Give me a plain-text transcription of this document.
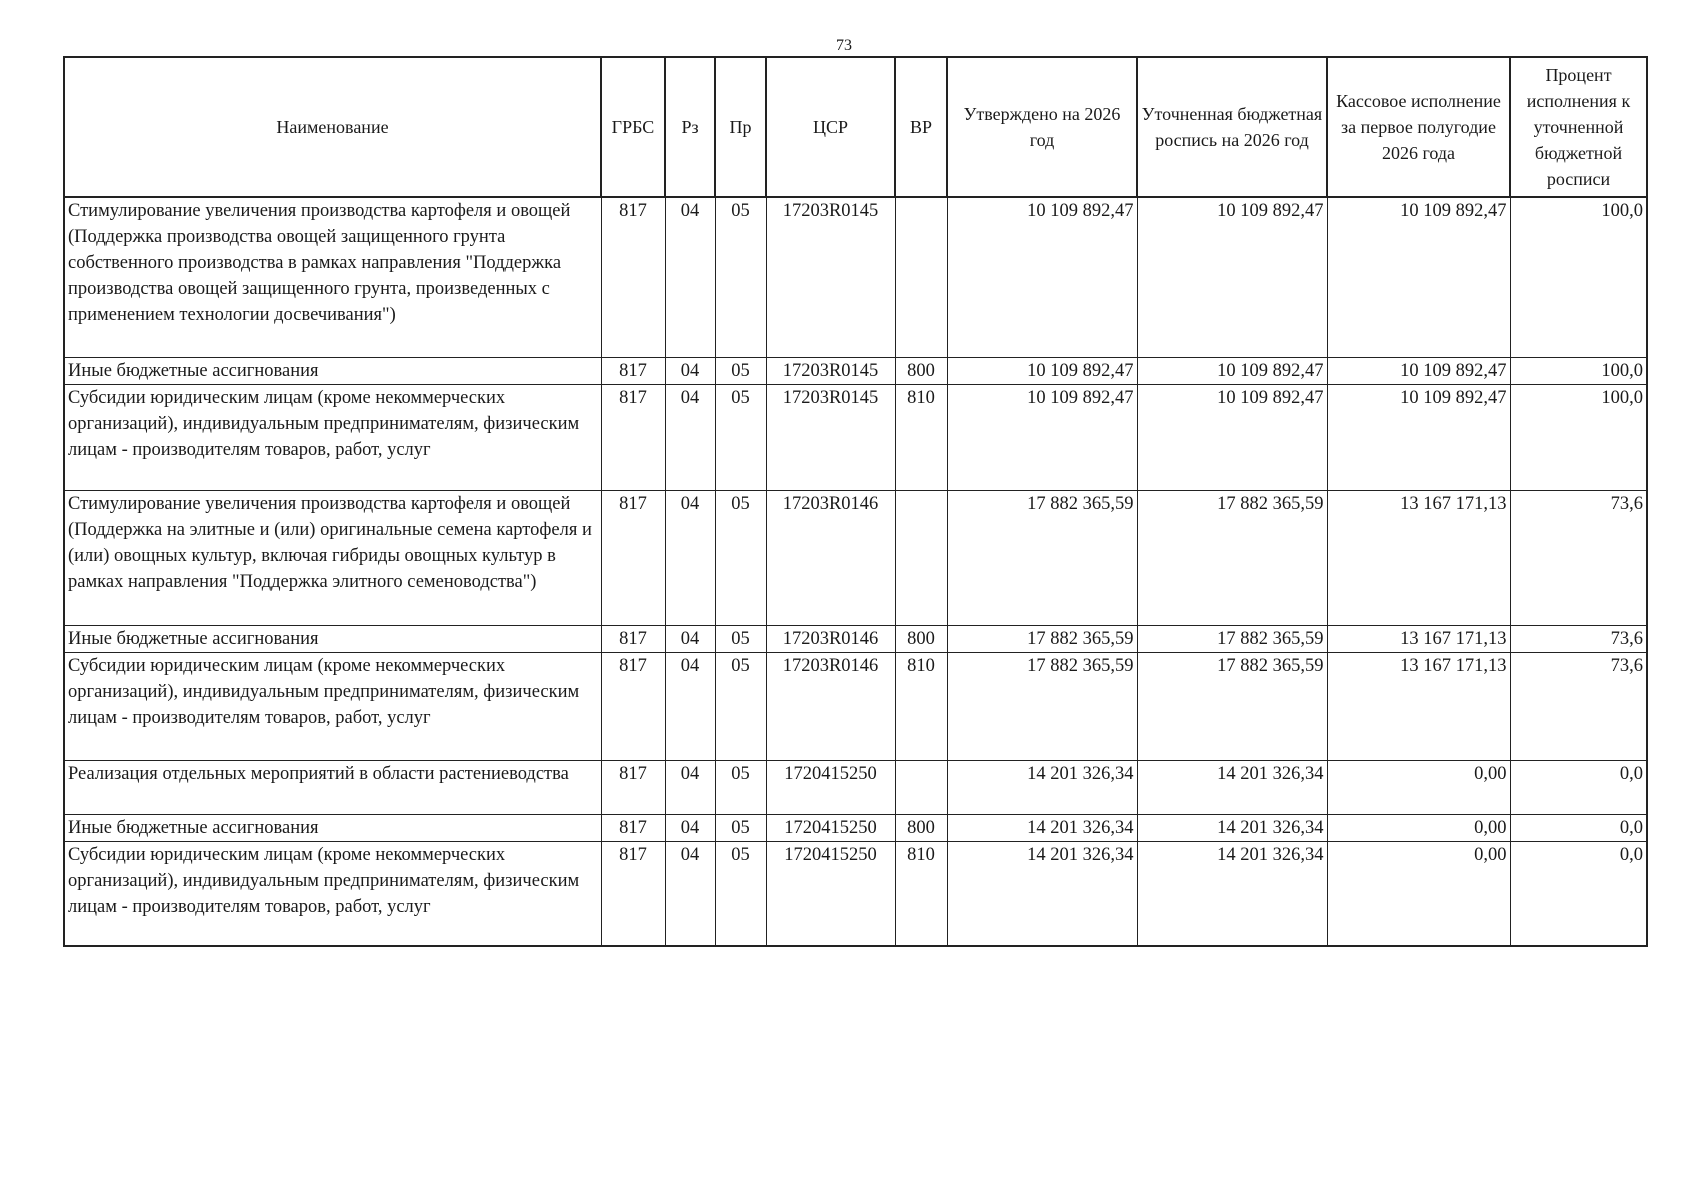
73
Наименование	ГРБС	Рз	Пр	ЦСР	ВР	Утверждено на 2026 год	Уточненная бюджетная роспись на 2026 год	Кассовое исполнение за первое полугодие 2026 года	Процент исполнения к уточненной бюджетной росписи
Стимулирование увеличения производства картофеля и овощей (Поддержка производства овощей защищенного грунта собственного производства в рамках направления "Поддержка производства овощей защищенного грунта, произведенных с применением технологии досвечивания")	817	04	05	17203R0145		10 109 892,47	10 109 892,47	10 109 892,47	100,0
Иные бюджетные ассигнования	817	04	05	17203R0145	800	10 109 892,47	10 109 892,47	10 109 892,47	100,0
Субсидии юридическим лицам (кроме некоммерческих организаций), индивидуальным предпринимателям, физическим лицам - производителям товаров, работ, услуг	817	04	05	17203R0145	810	10 109 892,47	10 109 892,47	10 109 892,47	100,0
Стимулирование увеличения производства картофеля и овощей (Поддержка на элитные и (или) оригинальные семена картофеля и (или) овощных культур, включая гибриды овощных культур в рамках направления "Поддержка элитного семеноводства")	817	04	05	17203R0146		17 882 365,59	17 882 365,59	13 167 171,13	73,6
Иные бюджетные ассигнования	817	04	05	17203R0146	800	17 882 365,59	17 882 365,59	13 167 171,13	73,6
Субсидии юридическим лицам (кроме некоммерческих организаций), индивидуальным предпринимателям, физическим лицам - производителям товаров, работ, услуг	817	04	05	17203R0146	810	17 882 365,59	17 882 365,59	13 167 171,13	73,6
Реализация отдельных мероприятий в области растениеводства	817	04	05	1720415250		14 201 326,34	14 201 326,34	0,00	0,0
Иные бюджетные ассигнования	817	04	05	1720415250	800	14 201 326,34	14 201 326,34	0,00	0,0
Субсидии юридическим лицам (кроме некоммерческих организаций), индивидуальным предпринимателям, физическим лицам - производителям товаров, работ, услуг	817	04	05	1720415250	810	14 201 326,34	14 201 326,34	0,00	0,0
